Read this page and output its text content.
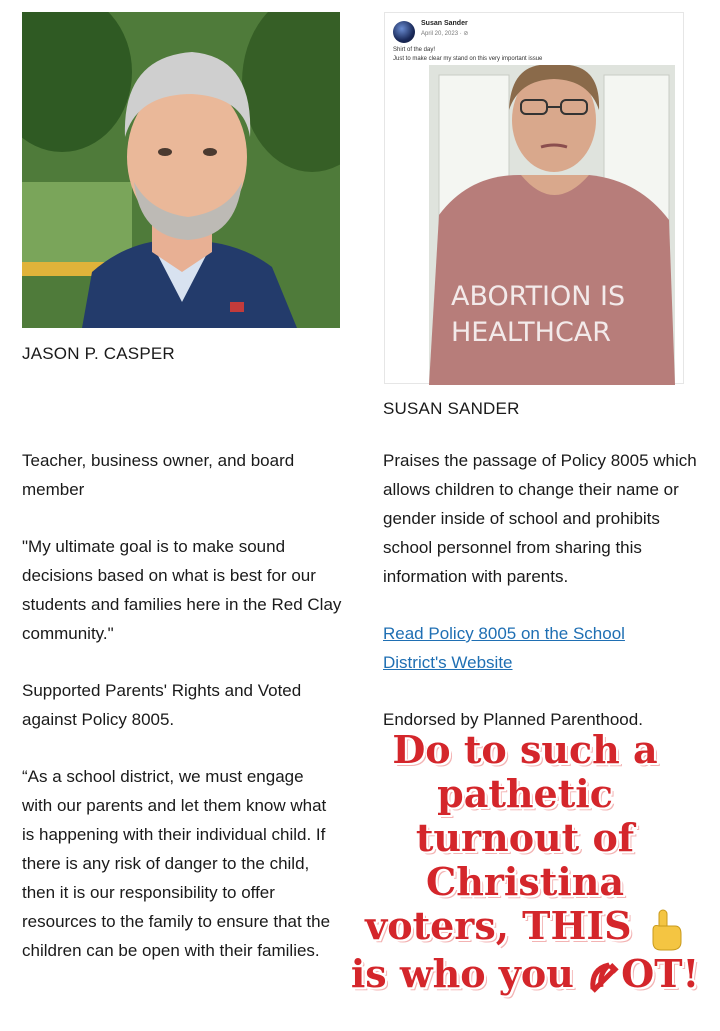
JASON P. CASPER

Teacher, business owner, and board member

"My ultimate goal is to make sound decisions based on what is best for our students and families here in the Red Clay community."

Supported Parents' Rights and Voted against Policy 8005.

“As a school district, we must engage with our parents and let them know what is happening with their individual child. If there is any risk of danger to the child, then it is our responsibility to offer resources to the family to ensure that the children can be open with their families.

Susan Sander
April 20, 2023 · ⊘
Shirt of the day!
Just to make clear my stand on this very important issue
ABORTION IS
HEALTHCAR
SUSAN SANDER

Praises the passage of Policy 8005 which allows children to change their name or gender inside of school and prohibits school personnel from sharing this information with parents.

Read Policy 8005 on the School District's Website

Endorsed by Planned Parenthood.

Do to such a
pathetic
turnout of
Christina
voters, THIS
is who you OT!
